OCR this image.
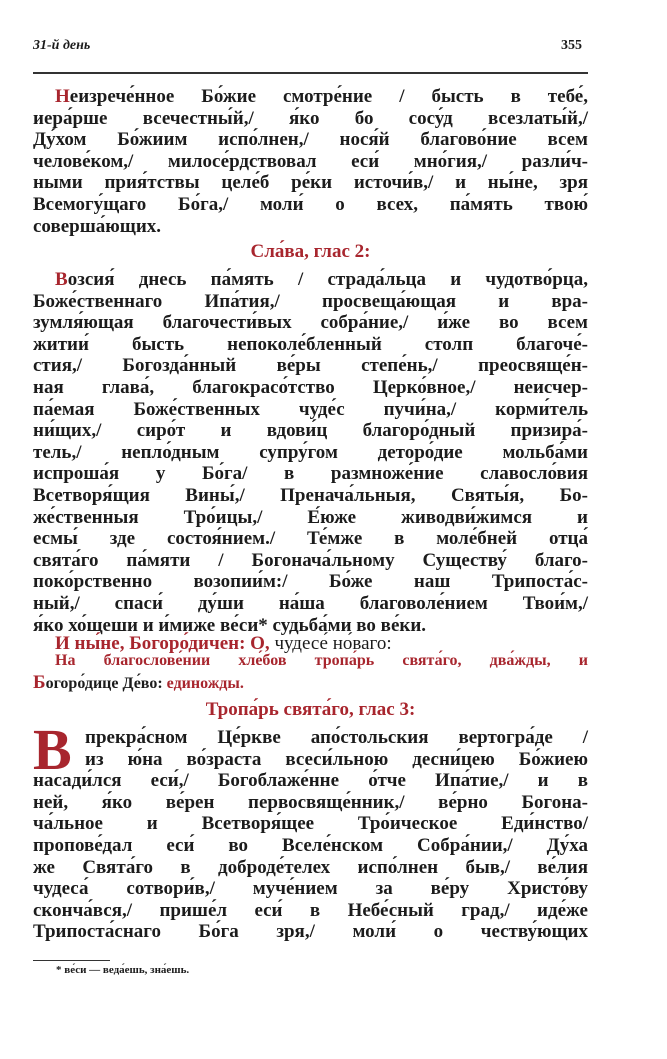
31-й день	355
Неизрече́нное Бо́жие смотре́ние / бысть в тебе́,
иера́рше всечестны́й,/ я́ко бо сосу́д всезлаты́й,/
Ду́хом Бо́жиим испо́лнен,/ нося́й благово́ние всем
челове́ком,/ милосе́рдствовал еси́ мно́гия,/ разли́ч-
ными прия́тствы целе́б ре́ки источи́в,/ и ны́не, зря
Всемогу́щаго Бо́га,/ моли́ о всех, па́мять твою́
соверша́ющих.
Сла́ва, глас 2:
Возсия́ днесь па́мять / страда́льца и чудотво́рца,
Боже́ственнаго Ипа́тия,/ просвеща́ющая и вра-
зумля́ющая благочести́вых собра́ние,/ и́же во всем
житии́ бысть непоколе́бленный столп благоче́-
стия,/ Богозда́нный ве́ры степе́нь,/ преосвяще́н-
ная глава́, благокрасо́тство Церко́вное,/ неисчер-
па́емая Боже́ственных чуде́с пучи́на,/ корми́тель
ни́щих,/ сиро́т и вдови́ц благоро́дный призира́-
тель,/ непло́дным супру́гом детоpо́дие мольба́ми
испроша́я у Бо́га/ в размноже́ние славосло́вия
Всетворя́щия Вины́,/ Пренача́льныя, Святы́я, Бо-
же́ственныя Тро́ицы,/ Е́юже живодви́жимся и
есмы́ зде состоя́нием./ Те́мже в моле́бней отца́
свята́го па́мяти / Богонача́льному Существу́ благо-
поко́рственно возопии́м:/ Бо́же наш Трипоста́с-
ный,/ спаси́ ду́ши на́ша благоволе́нием Твои́м,/
я́ко хо́щеши и и́миже ве́си* судьба́ми во ве́ки.
И ны́не, Богоро́дичен: О, чудесе́ но́ваго:
На благослове́нии хле́бов тропа́рь свята́го, два́жды, и
Богоро́дице Де́во: единожды.
Тропа́рь свята́го, глас 3:
В прекра́сном Це́ркве апо́стольския вертогра́де /
из ю́на во́зраста всеси́льною десни́цею Бо́жиею
насади́лся еси́,/ Богоблаже́нне о́тче Ипа́тие,/ и в
ней, я́ко ве́рен первосвяще́нник,/ ве́рно Богона-
ча́льное и Всетворя́щее Тро́ическое Еди́нство/
пропове́дал еси́ во Вселе́нском Собра́нии,/ Ду́ха
же Свята́го в доброде́телех испо́лнен быв,/ ве́лия
чудеса́ сотвори́в,/ муче́нием за ве́ру Христо́ву
сконча́вся,/ прише́л еси́ в Небе́сный град,/ иде́же
Трипоста́снаго Бо́га зря,/ моли́ о честву́ющих
* ве́си — веда́ешь, зна́ешь.
